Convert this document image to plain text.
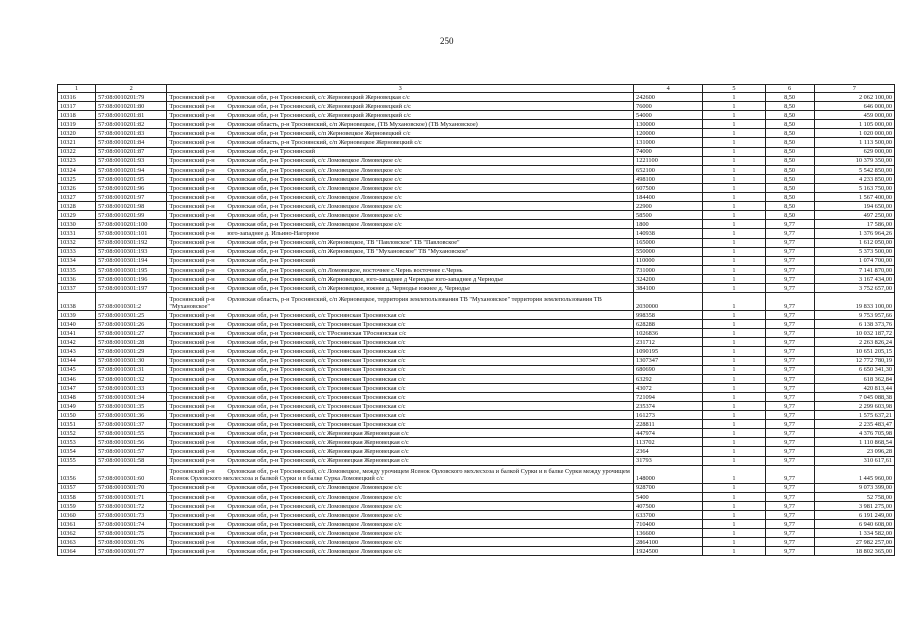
250
1	2	3	4	5	6	7
10316	57:08:0010201:79	Троснянский р-н Орловская обл, р-н Троснянский, с/с Жерновецкий Жерновецкая с/с	242600	1	8,50	2 062 100,00
10317	57:08:0010201:80	Троснянский р-н Орловская обл, р-н Троснянский, с/с Жерновецкий Жерновецкий с/с	76000	1	8,50	646 000,00
10318	57:08:0010201:81	Троснянский р-н Орловская обл, р-н Троснянский, с/с Жерновецкий Жерновецкий с/с	54000	1	8,50	459 000,00
10319	57:08:0010201:82	Троснянский р-н Орловская область, р-н Троснянский, с/п Жерновецкое, (ТВ Мухановское) (ТВ Мухановское)	130000	1	8,50	1 105 000,00
10320	57:08:0010201:83	Троснянский р-н Орловская обл, р-н Троснянский, с/п Жерновецкое Жерновецкий с/с	120000	1	8,50	1 020 000,00
10321	57:08:0010201:84	Троснянский р-н Орловская область, р-н Троснянский, с/п Жерновецкое Жерновецкий с/с	131000	1	8,50	1 113 500,00
10322	57:08:0010201:87	Троснянский р-н Орловская обл, р-н Троснянский	74000	1	8,50	629 000,00
10323	57:08:0010201:93	Троснянский р-н Орловская обл, р-н Троснянский, с/с Ломовецкое Ломовецкое с/с	1221100	1	8,50	10 379 350,00
10324	57:08:0010201:94	Троснянский р-н Орловская обл, р-н Троснянский, с/с Ломовецкое Ломовецкое с/с	652100	1	8,50	5 542 850,00
10325	57:08:0010201:95	Троснянский р-н Орловская обл, р-н Троснянский, с/с Ломовецкое Ломовецкое с/с	498100	1	8,50	4 233 850,00
10326	57:08:0010201:96	Троснянский р-н Орловская обл, р-н Троснянский, с/с Ломовецкое Ломовецкое с/с	607500	1	8,50	5 163 750,00
10327	57:08:0010201:97	Троснянский р-н Орловская обл, р-н Троснянский, с/с Ломовецкое Ломовецкое с/с	184400	1	8,50	1 567 400,00
10328	57:08:0010201:98	Троснянский р-н Орловская обл, р-н Троснянский, с/с Ломовецкое Ломовецкое с/с	22900	1	8,50	194 650,00
10329	57:08:0010201:99	Троснянский р-н Орловская обл, р-н Троснянский, с/с Ломовецкое Ломовецкое с/с	58500	1	8,50	497 250,00
10330	57:08:0010201:100	Троснянский р-н Орловская обл, р-н Троснянский, с/с Ломовецкое Ломовецкое с/с	1800	1	9,77	17 586,00
10331	57:08:0010301:101	Троснянский р-н юго-западнее д. Ильино-Нагорное	140938	1	9,77	1 376 964,26
10332	57:08:0010301:192	Троснянский р-н Орловская обл, р-н Троснянский, с/п Жерновецкое, ТВ "Павловское" ТВ "Павловское"	165000	1	9,77	1 612 050,00
10333	57:08:0010301:193	Троснянский р-н Орловская обл, р-н Троснянский, с/п Жерновецкое, ТВ "Мухановское" ТВ "Мухановское"	550000	1	9,77	5 373 500,00
10334	57:08:0010301:194	Троснянский р-н Орловская обл, р-н Троснянский	110000	1	9,77	1 074 700,00
10335	57:08:0010301:195	Троснянский р-н Орловская обл, р-н Троснянский, с/п Ломовецкое, восточнее с.Чернь восточнее с.Чернь	731000	1	9,77	7 141 870,00
10336	57:08:0010301:196	Троснянский р-н Орловская обл, р-н Троснянский, с/п Жерновецкое, юго-западнее д Чернодье юго-западнее д Чернодье	324200	1	9,77	3 167 434,00
10337	57:08:0010301:197	Троснянский р-н Орловская обл, р-н Троснянский, с/п Жерновецкое, южнее д. Чернодье южнее д. Чернодье	384100	1	9,77	3 752 657,00
10338	57:08:0010301:2	Троснянский р-н Орловская область, р-н Троснянский, с/п Жерновецкое, территория землепользования ТВ "Мухановское" территория землепользования ТВ "Мухановское"	2030000	1	9,77	19 833 100,00
10339	57:08:0010301:25	Троснянский р-н Орловская обл, р-н Троснянский, с/с Троснянская Троснянская с/с	998358	1	9,77	9 753 957,66
10340	57:08:0010301:26	Троснянский р-н Орловская обл, р-н Троснянский, с/с Троснянская Троснянская с/с	628288	1	9,77	6 138 373,76
10341	57:08:0010301:27	Троснянский р-н Орловская обл, р-н Троснянский, с/с ТРоснянская ТРоснянская с/с	1026836	1	9,77	10 032 187,72
10342	57:08:0010301:28	Троснянский р-н Орловская обл, р-н Троснянский, с/с Троснянская Троснянская с/с	231712	1	9,77	2 263 826,24
10343	57:08:0010301:29	Троснянский р-н Орловская обл, р-н Троснянский, с/с Троснянская Троснянская с/с	1090195	1	9,77	10 651 205,15
10344	57:08:0010301:30	Троснянский р-н Орловская обл, р-н Троснянский, с/с Троснянская Троснянская с/с	1307347	1	9,77	12 772 780,19
10345	57:08:0010301:31	Троснянский р-н Орловская обл, р-н Троснянский, с/с Троснянская Троснянская с/с	680690	1	9,77	6 650 341,30
10346	57:08:0010301:32	Троснянский р-н Орловская обл, р-н Троснянский, с/с Троснянская Троснянская с/с	63292	1	9,77	618 362,84
10347	57:08:0010301:33	Троснянский р-н Орловская обл, р-н Троснянский, с/с Троснянская Троснянская с/с	43072	1	9,77	420 813,44
10348	57:08:0010301:34	Троснянский р-н Орловская обл, р-н Троснянский, с/с Троснянская Троснянская с/с	721094	1	9,77	7 045 088,38
10349	57:08:0010301:35	Троснянский р-н Орловская обл, р-н Троснянский, с/с Троснянская Троснянская с/с	235374	1	9,77	2 299 603,98
10350	57:08:0010301:36	Троснянский р-н Орловская обл, р-н Троснянский, с/с Троснянская Троснянская с/с	161273	1	9,77	1 575 637,21
10351	57:08:0010301:37	Троснянский р-н Орловская обл, р-н Троснянский, с/с Троснянская Троснянская с/с	228811	1	9,77	2 235 483,47
10352	57:08:0010301:55	Троснянский р-н Орловская обл, р-н Троснянский, с/с Жерновецкая Жерновецкая с/с	447974	1	9,77	4 376 705,98
10353	57:08:0010301:56	Троснянский р-н Орловская обл, р-н Троснянский, с/с Жерновецкая Жерновецкая с/с	113702	1	9,77	1 110 868,54
10354	57:08:0010301:57	Троснянский р-н Орловская обл, р-н Троснянский, с/с Жерновецкая Жерновецкая с/с	2364	1	9,77	23 096,28
10355	57:08:0010301:58	Троснянский р-н Орловская обл, р-н Троснянский, с/с Жерновецкая Жерновецкая с/с	31793	1	9,77	310 617,61
10356	57:08:0010301:60	Троснянский р-н Орловская обл, р-н Троснянский, с/с Ломовецкое, между урочищем Ясенок Орловского мехлесхоза и балкой Сурки и в балке Сурки между урочищем Ясенок Орловского мехлесхоза и балкой Сурки и в балке Сурка Ломовецкий с/с	148000	1	9,77	1 445 960,00
10357	57:08:0010301:70	Троснянский р-н Орловская обл, р-н Троснянский, с/с Ломовецкое Ломовецкое с/с	928700	1	9,77	9 073 399,00
10358	57:08:0010301:71	Троснянский р-н Орловская обл, р-н Троснянский, с/с Ломовецкое Ломовецкое с/с	5400	1	9,77	52 758,00
10359	57:08:0010301:72	Троснянский р-н Орловская обл, р-н Троснянский, с/с Ломовецкое Ломовецкое с/с	407500	1	9,77	3 981 275,00
10360	57:08:0010301:73	Троснянский р-н Орловская обл, р-н Троснянский, с/с Ломовецкое Ломовецкое с/с	633700	1	9,77	6 191 249,00
10361	57:08:0010301:74	Троснянский р-н Орловская обл, р-н Троснянский, с/с Ломовецкое Ломовецкое с/с	710400	1	9,77	6 940 608,00
10362	57:08:0010301:75	Троснянский р-н Орловская обл, р-н Троснянский, с/с Ломовецкое Ломовецкое с/с	136600	1	9,77	1 334 582,00
10363	57:08:0010301:76	Троснянский р-н Орловская обл, р-н Троснянский, с/с Ломовецкое Ломовецкое с/с	2864100	1	9,77	27 982 257,00
10364	57:08:0010301:77	Троснянский р-н Орловская обл, р-н Троснянский, с/с Ломовецкое Ломовецкое с/с	1924500	1	9,77	18 802 365,00
